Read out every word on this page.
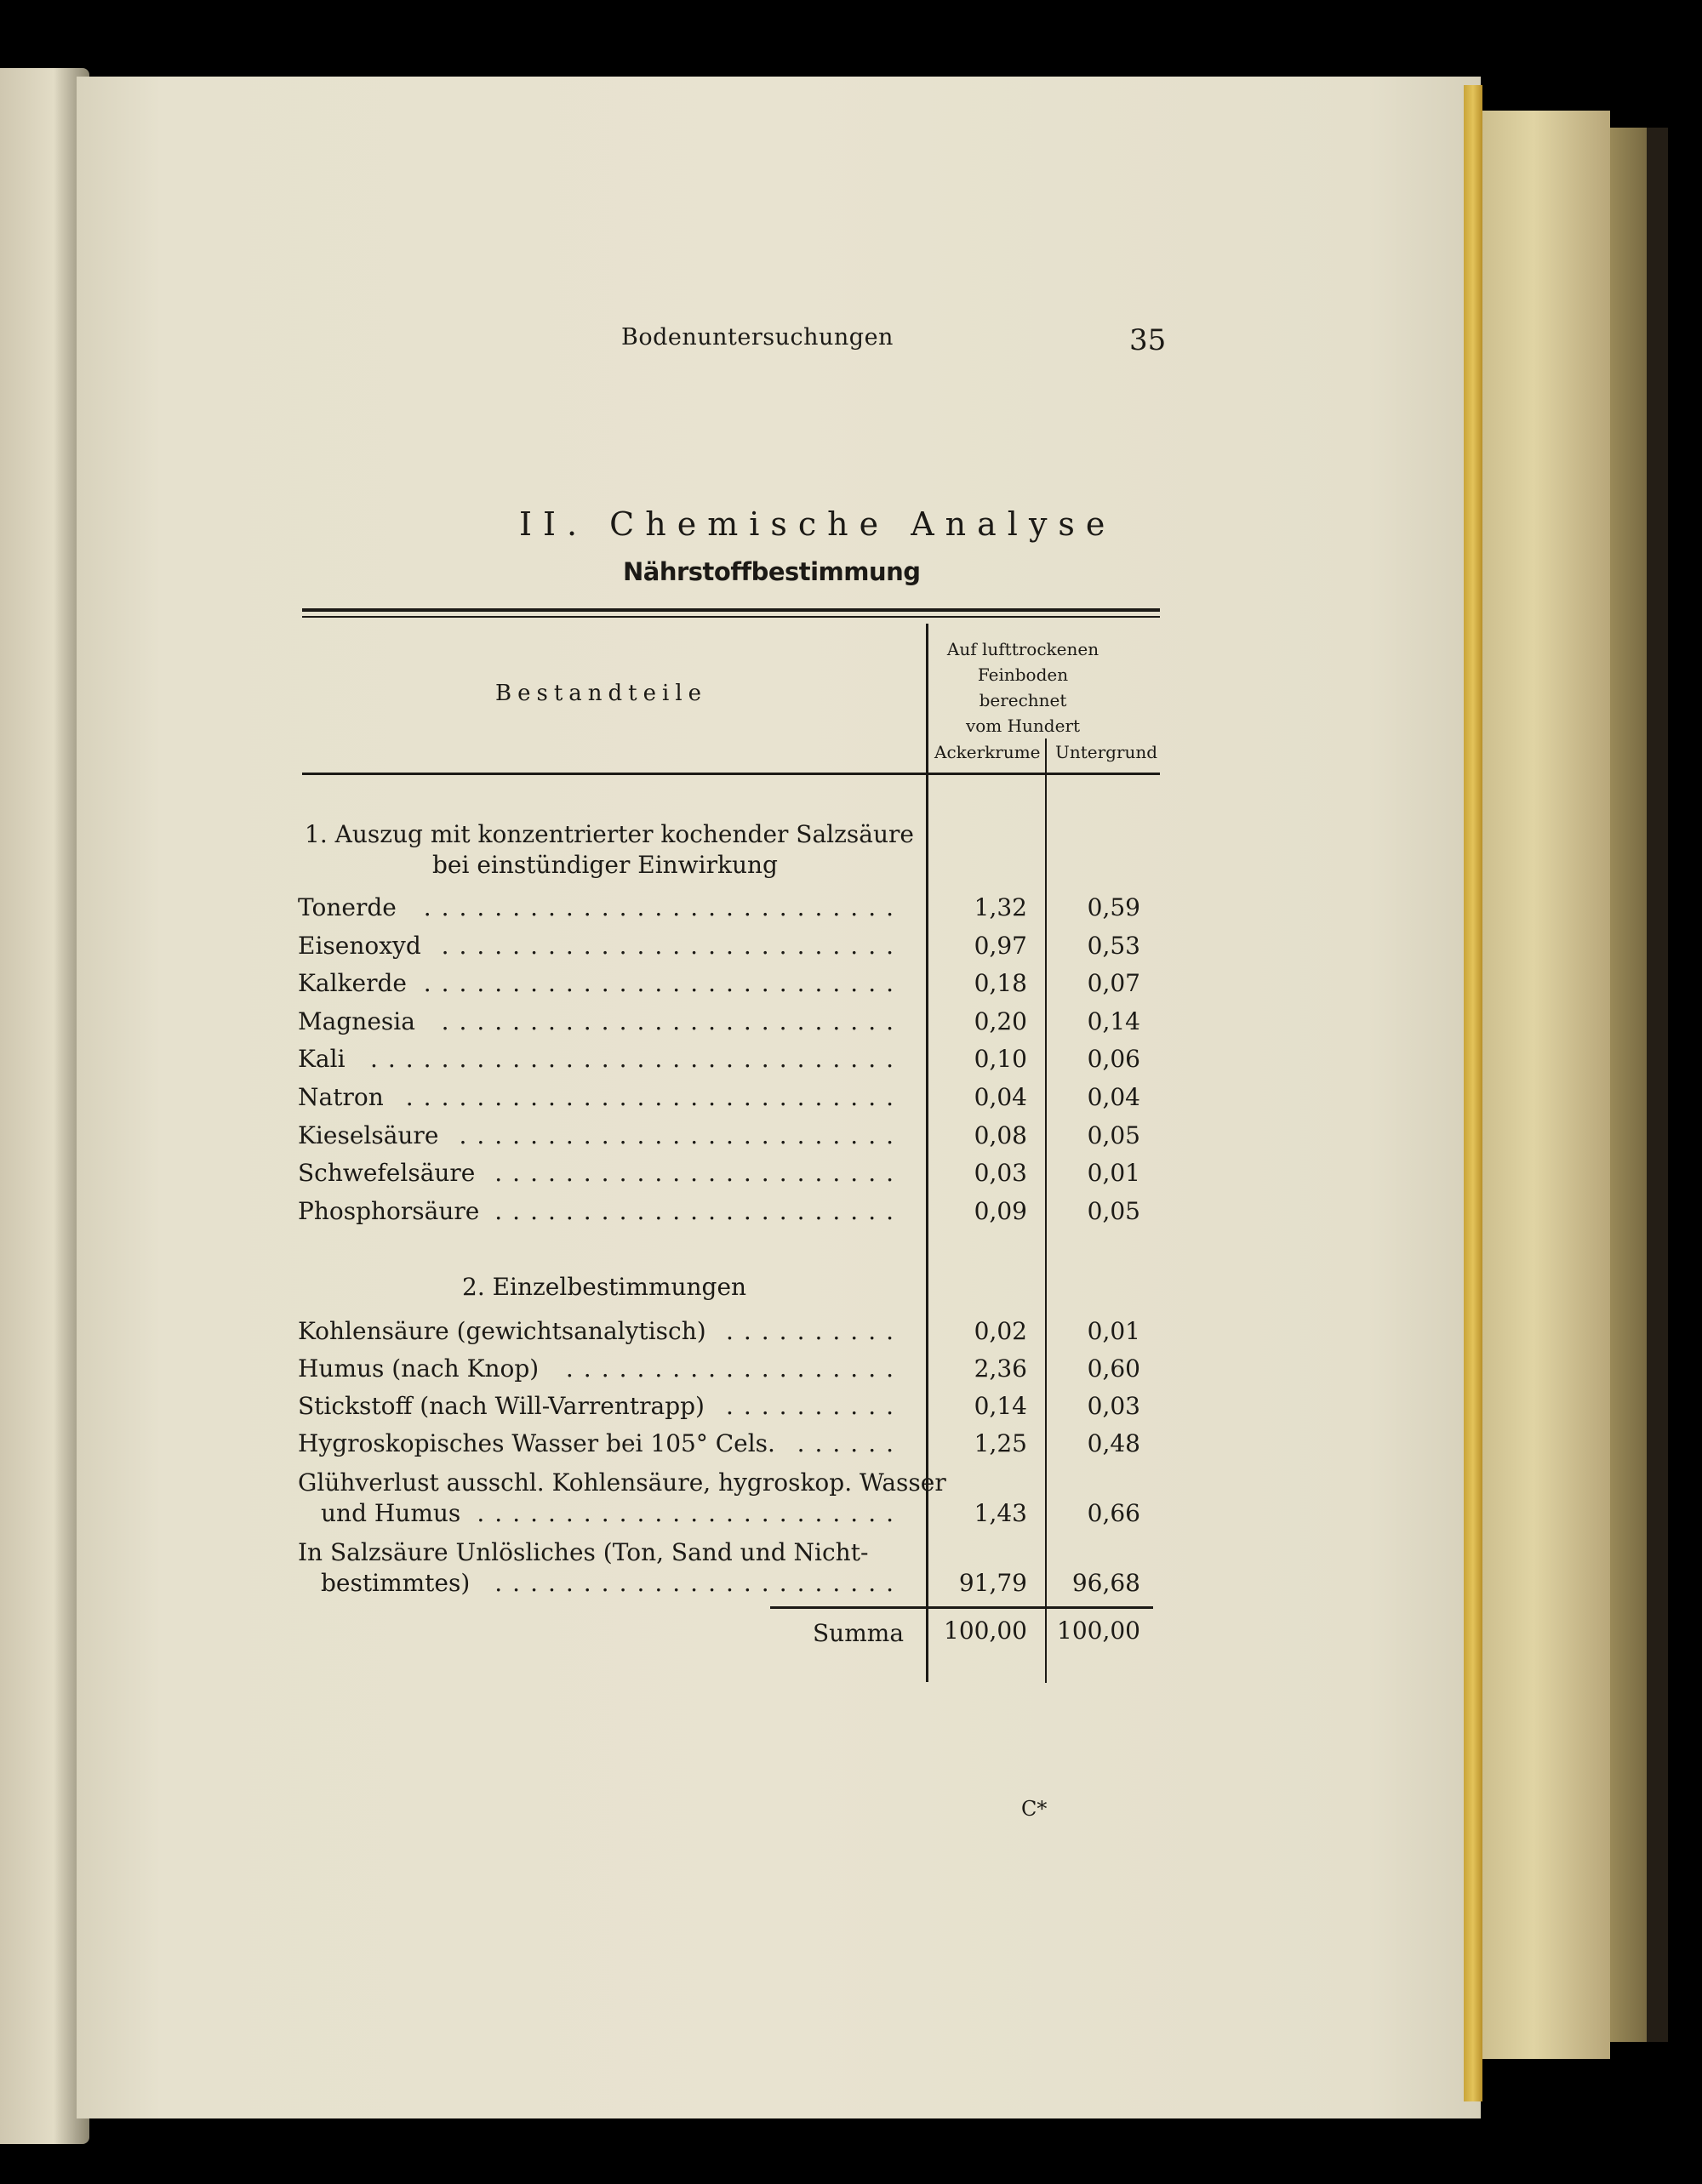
Bodenuntersuchungen	35
II. Chemische Analyse
Nährstoffbestimmung
Bestandteile
Auf lufttrockenen
Feinboden berechnet
vom Hundert
Ackerkrume Untergrund
1. Auszug mit konzentrierter kochender Salzsäure
bei einstündiger Einwirkung
Tonerde ...........................	1,32	0,59
Eisenoxyd ..........................	0,97	0,53
Kalkerde ...........................	0,18	0,07
Magnesia ..........................	0,20	0,14
Kali ..............................	0,10	0,06
Natron ............................	0,04	0,04
Kieselsäure .........................	0,08	0,05
Schwefelsäure .......................	0,03	0,01
Phosphorsäure .......................	0,09	0,05
2. Einzelbestimmungen
Kohlensäure (gewichtsanalytisch) ..........	0,02	0,01
Humus (nach Knop) ...................	2,36	0,60
Stickstoff (nach Will-Varrentrapp) ..........	0,14	0,03
Hygroskopisches Wasser bei 105° Cels. ......	1,25	0,48
Glühverlust ausschl. Kohlensäure, hygroskop. Wasser
und Humus ........................	1,43	0,66
In Salzsäure Unlösliches (Ton, Sand und Nicht-
bestimmtes) .......................	91,79	96,68
Summa	100,00	100,00
C*
